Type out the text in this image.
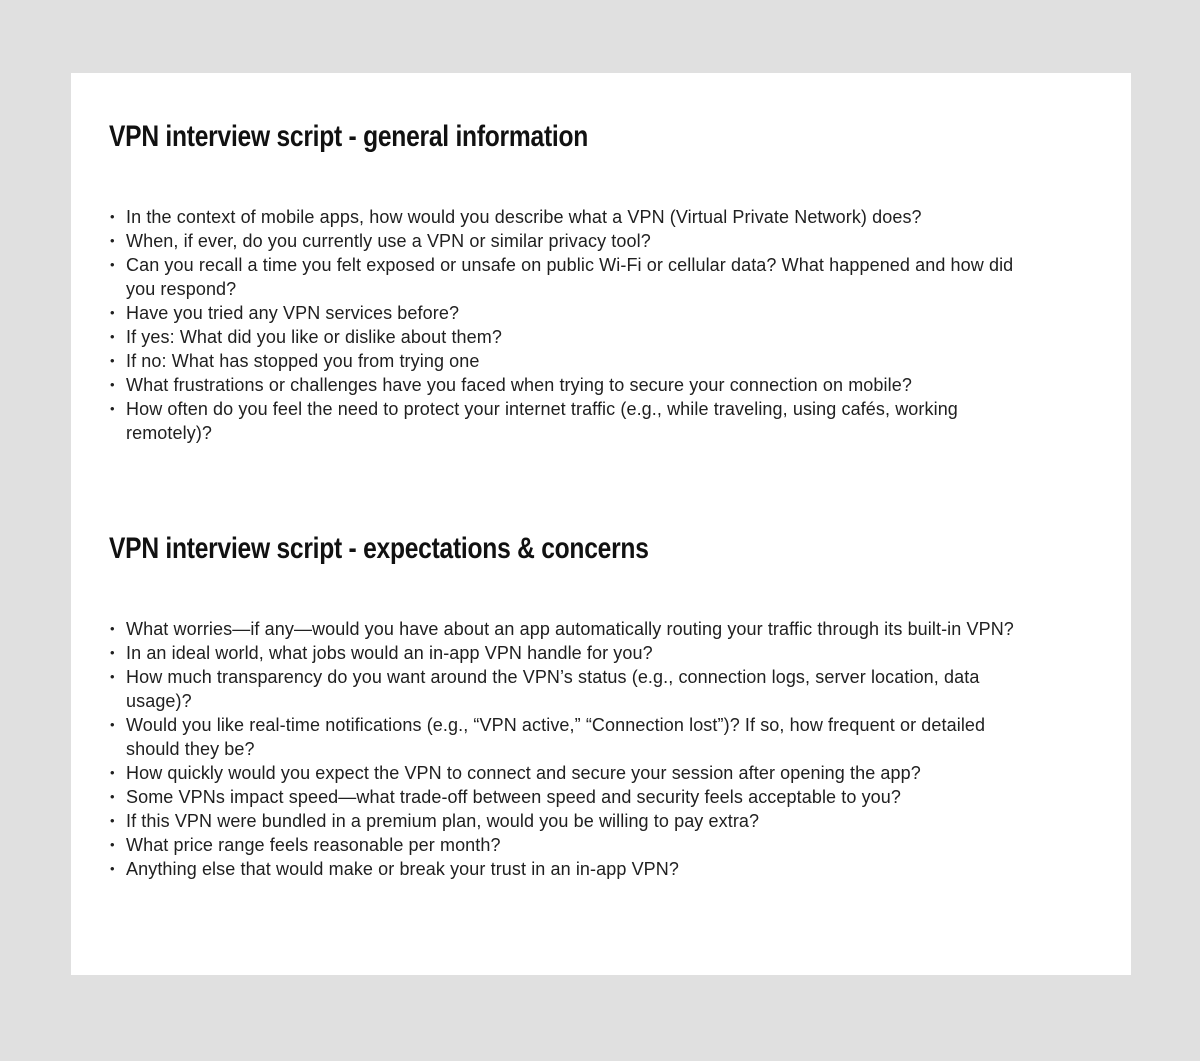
VPN interview script - general information
• In the context of mobile apps, how would you describe what a VPN (Virtual Private Network) does?
• When, if ever, do you currently use a VPN or similar privacy tool?
• Can you recall a time you felt exposed or unsafe on public Wi-Fi or cellular data? What happened and how did you respond?
• Have you tried any VPN services before?
• If yes: What did you like or dislike about them?
• If no: What has stopped you from trying one
• What frustrations or challenges have you faced when trying to secure your connection on mobile?
• How often do you feel the need to protect your internet traffic (e.g., while traveling, using cafés, working remotely)?
VPN interview script - expectations & concerns
• What worries—if any—would you have about an app automatically routing your traffic through its built-in VPN?
• In an ideal world, what jobs would an in-app VPN handle for you?
• How much transparency do you want around the VPN’s status (e.g., connection logs, server location, data usage)?
• Would you like real-time notifications (e.g., “VPN active,” “Connection lost”)? If so, how frequent or detailed should they be?
• How quickly would you expect the VPN to connect and secure your session after opening the app?
• Some VPNs impact speed—what trade-off between speed and security feels acceptable to you?
• If this VPN were bundled in a premium plan, would you be willing to pay extra?
• What price range feels reasonable per month?
• Anything else that would make or break your trust in an in-app VPN?
